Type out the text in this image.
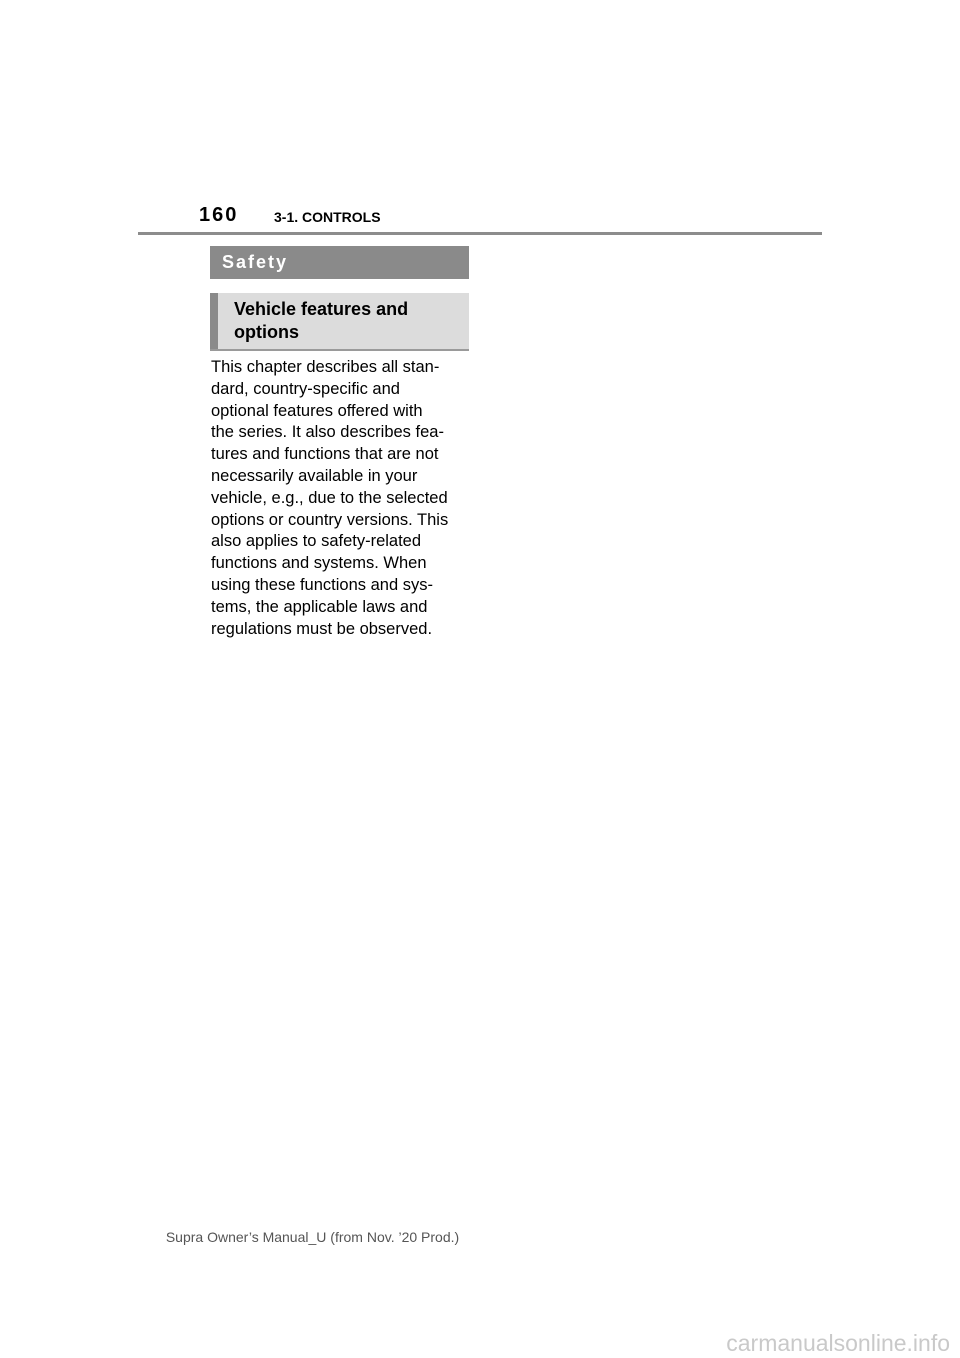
160	3-1. CONTROLS
Safety
Vehicle features and
options
This chapter describes all stan-
dard, country-specific and
optional features offered with
the series. It also describes fea-
tures and functions that are not
necessarily available in your
vehicle, e.g., due to the selected
options or country versions. This
also applies to safety-related
functions and systems. When
using these functions and sys-
tems, the applicable laws and
regulations must be observed.
Supra Owner’s Manual_U (from Nov. ’20 Prod.)
carmanualsonline.info
